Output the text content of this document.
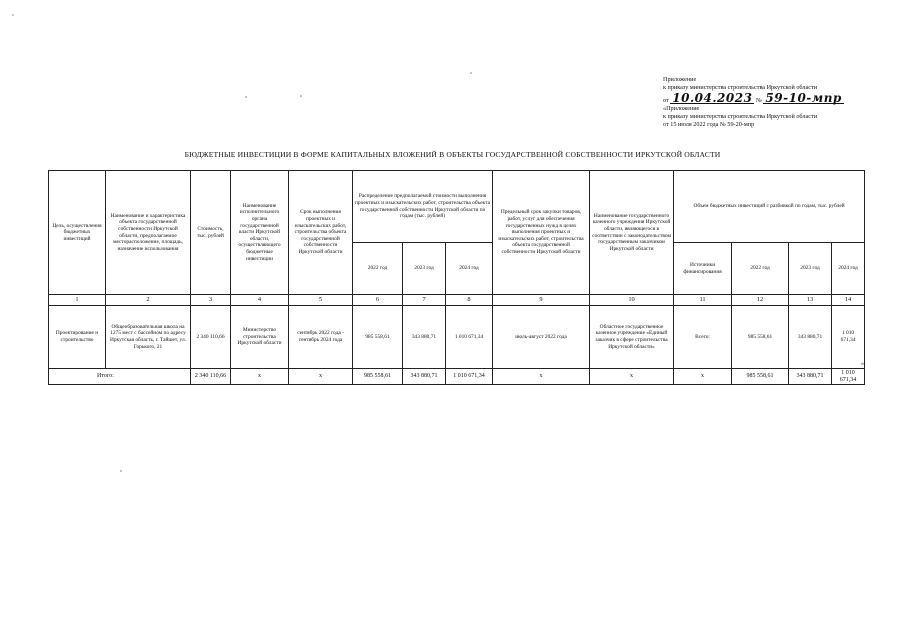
Приложение
к приказу министерства строительства Иркутской области
от 10.04.2023 № 59-10-мпр
«Приложение
к приказу министерства строительства Иркутской области
от 15 июля 2022 года № 59-20-мпр
БЮДЖЕТНЫЕ ИНВЕСТИЦИИ В ФОРМЕ КАПИТАЛЬНЫХ ВЛОЖЕНИЙ В ОБЪЕКТЫ ГОСУДАРСТВЕННОЙ СОБСТВЕННОСТИ ИРКУТСКОЙ ОБЛАСТИ
Цель, осуществления бюджетных инвестиций	Наименование и характеристика объекта государственной собственности Иркутской области, предполагаемое месторасположение, площадь, назначение использования	Стоимость, тыс. рублей	Наименование исполнительного органа государственной власти Иркутской области, осуществляющего бюджетные инвестиции	Срок выполнения проектных и изыскательских работ, строительства объекта государственной собственности Иркутской области	Распределение предполагаемой стоимости выполнения проектных и изыскательских работ, строительства объекта государственной собственности Иркутской области по годам (тыс. рублей)			Предельный срок закупки товаров, работ, услуг для обеспечения государственных нужд в целях выполнения проектных и изыскательских работ, строительства объекта государственной собственности Иркутской области	Наименование государственного казенного учреждения Иркутской области, являющегося в соответствии с законодательством государственным заказчиком Иркутской области	Объем бюджетных инвестиций с разбивкой по годам, тыс. рублей			
					2022 год	2023 год	2024 год			Источники финансирования	2022 год	2023 год	2024 год
1	2	3	4	5	6	7	8	9	10	11	12	13	14
Проектирование и строительство	Общеобразовательная школа на 1275 мест с бассейном по адресу Иркутская область, г. Тайшет, ул. Горького, 21	2 340 110,66	Министерство строительства Иркутской области	сентябрь 2022 года - сентябрь 2024 года	985 558,61	343 880,71	1 010 671,34	июль-август 2022 года	Областное государственное казенное учреждение «Единый заказчик в сфере строительства Иркутской области»	Всего:	985 558,61	343 880,71	1 010 671,34
Итого:		2 340 110,66	х	х	985 558,61	343 880,71	1 010 671,34	х	х	х	985 558,61	343 880,71	1 010 671,34
».
